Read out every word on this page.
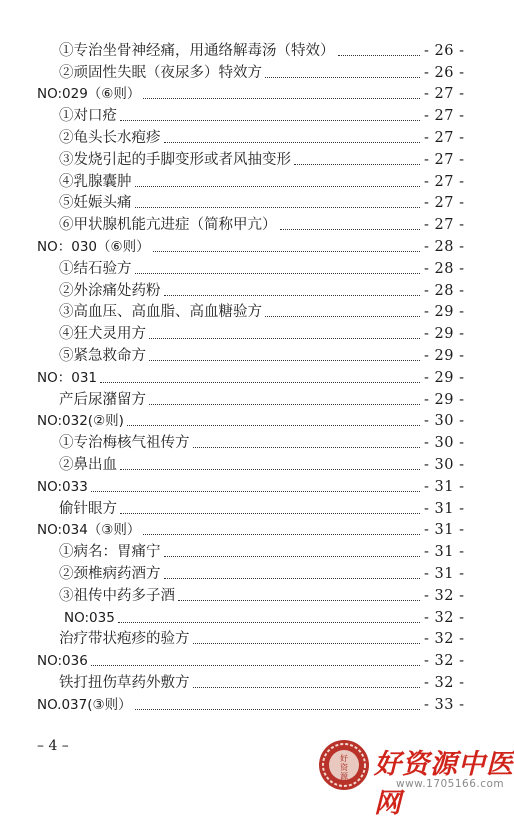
①专治坐骨神经痛，用通络解毒汤（特效）	- 26 -
②顽固性失眠（夜尿多）特效方	- 26 -
NO:029（⑥则）	- 27 -
①对口疮	- 27 -
②龟头长水疱疹	- 27 -
③发烧引起的手脚变形或者风抽变形	- 27 -
④乳腺囊肿	- 27 -
⑤妊娠头痛	- 27 -
⑥甲状腺机能亢进症（简称甲亢）	- 27 -
NO：030（⑥则）	- 28 -
①结石验方	- 28 -
②外涂痛处药粉	- 28 -
③高血压、高血脂、高血糖验方	- 29 -
④狂犬灵用方	- 29 -
⑤紧急救命方	- 29 -
NO：031	- 29 -
产后尿潴留方	- 29 -
NO:032(②则)	- 30 -
①专治梅核气祖传方	- 30 -
②鼻出血	- 30 -
NO:033	- 31 -
偷针眼方	- 31 -
NO:034（③则）	- 31 -
①病名：胃痛宁	- 31 -
②颈椎病药酒方	- 31 -
③祖传中药多子酒	- 32 -
NO:035	- 32 -
治疗带状疱疹的验方	- 32 -
NO:036	- 32 -
铁打扭伤草药外敷方	- 32 -
NO.037(③则）	- 33 -
– 4 –
好
资
源 好资源中医网
www.1705166.com
